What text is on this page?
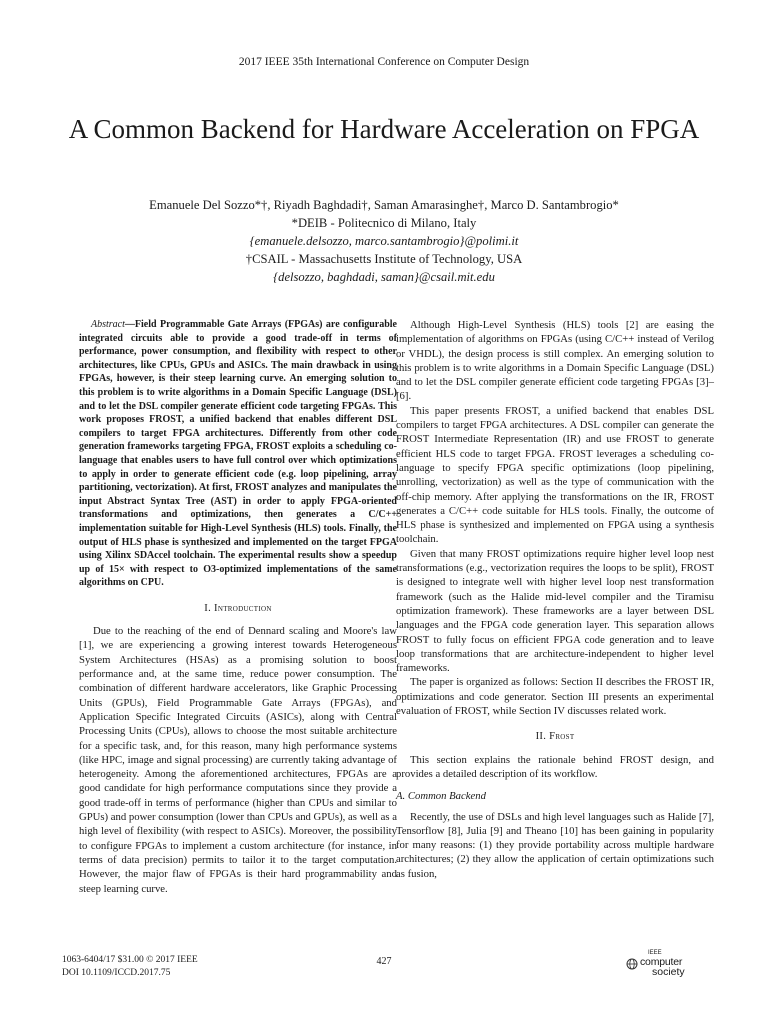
2017 IEEE 35th International Conference on Computer Design
A Common Backend for Hardware Acceleration on FPGA
Emanuele Del Sozzo*†, Riyadh Baghdadi†, Saman Amarasinghe†, Marco D. Santambrogio*
*DEIB - Politecnico di Milano, Italy
{emanuele.delsozzo, marco.santambrogio}@polimi.it
†CSAIL - Massachusetts Institute of Technology, USA
{delsozzo, baghdadi, saman}@csail.mit.edu

Abstract—Field Programmable Gate Arrays (FPGAs) are configurable integrated circuits able to provide a good trade-off in terms of performance, power consumption, and flexibility with respect to other architectures, like CPUs, GPUs and ASICs. The main drawback in using FPGAs, however, is their steep learning curve. An emerging solution to this problem is to write algorithms in a Domain Specific Language (DSL) and to let the DSL compiler generate efficient code targeting FPGAs. This work proposes FROST, a unified backend that enables different DSL compilers to target FPGA architectures. Differently from other code generation frameworks targeting FPGA, FROST exploits a scheduling co-language that enables users to have full control over which optimizations to apply in order to generate efficient code (e.g. loop pipelining, array partitioning, vectorization). At first, FROST analyzes and manipulates the input Abstract Syntax Tree (AST) in order to apply FPGA-oriented transformations and optimizations, then generates a C/C++ implementation suitable for High-Level Synthesis (HLS) tools. Finally, the output of HLS phase is synthesized and implemented on the target FPGA using Xilinx SDAccel toolchain. The experimental results show a speedup up of 15× with respect to O3-optimized implementations of the same algorithms on CPU.

I. Introduction

Due to the reaching of the end of Dennard scaling and Moore's law [1], we are experiencing a growing interest towards Heterogeneous System Architectures (HSAs) as a promising solution to boost performance and, at the same time, reduce power consumption. The combination of different hardware accelerators, like Graphic Processing Units (GPUs), Field Programmable Gate Arrays (FPGAs), and Application Specific Integrated Circuits (ASICs), along with Central Processing Units (CPUs), allows to choose the most suitable architecture for a specific task, and, for this reason, many high performance systems (like HPC, image and signal processing) are currently taking advantage of heterogeneity. Among the aforementioned architectures, FPGAs are a good candidate for high performance computations since they provide a good trade-off in terms of performance (higher than CPUs and similar to GPUs) and power consumption (lower than CPUs and GPUs), as well as a high level of flexibility (with respect to ASICs). Moreover, the possibility to configure FPGAs to implement a custom architecture (for instance, in terms of data precision) permits to tailor it to the target computation. However, the major flaw of FPGAs is their hard programmability and steep learning curve.

Although High-Level Synthesis (HLS) tools [2] are easing the implementation of algorithms on FPGAs (using C/C++ instead of Verilog or VHDL), the design process is still complex. An emerging solution to this problem is to write algorithms in a Domain Specific Language (DSL) and to let the DSL compiler generate efficient code targeting FPGAs [3]–[6].

This paper presents FROST, a unified backend that enables DSL compilers to target FPGA architectures. A DSL compiler can generate the FROST Intermediate Representation (IR) and use FROST to generate efficient HLS code to target FPGA. FROST leverages a scheduling co-language to specify FPGA specific optimizations (loop pipelining, unrolling, vectorization) as well as the type of communication with the off-chip memory. After applying the transformations on the IR, FROST generates a C/C++ code suitable for HLS tools. Finally, the outcome of HLS phase is synthesized and implemented on FPGA using a synthesis toolchain.

Given that many FROST optimizations require higher level loop nest transformations (e.g., vectorization requires the loops to be split), FROST is designed to integrate well with higher level loop nest transformation framework (such as the Halide mid-level compiler and the Tiramisu optimization framework). These frameworks are a layer between DSL languages and the FPGA code generation layer. This separation allows FROST to fully focus on efficient FPGA code generation and to leave loop transformations that are architecture-independent to higher level frameworks.

The paper is organized as follows: Section II describes the FROST IR, optimizations and code generator. Section III presents an experimental evaluation of FROST, while Section IV discusses related work.

II. Frost

This section explains the rationale behind FROST design, and provides a detailed description of its workflow.

A. Common Backend

Recently, the use of DSLs and high level languages such as Halide [7], Tensorflow [8], Julia [9] and Theano [10] has been gaining in popularity for many reasons: (1) they provide portability across multiple hardware architectures; (2) they allow the application of certain optimizations such as fusion,

1063-6404/17 $31.00 © 2017 IEEE
DOI 10.1109/ICCD.2017.75
427
IEEE
computer
society
